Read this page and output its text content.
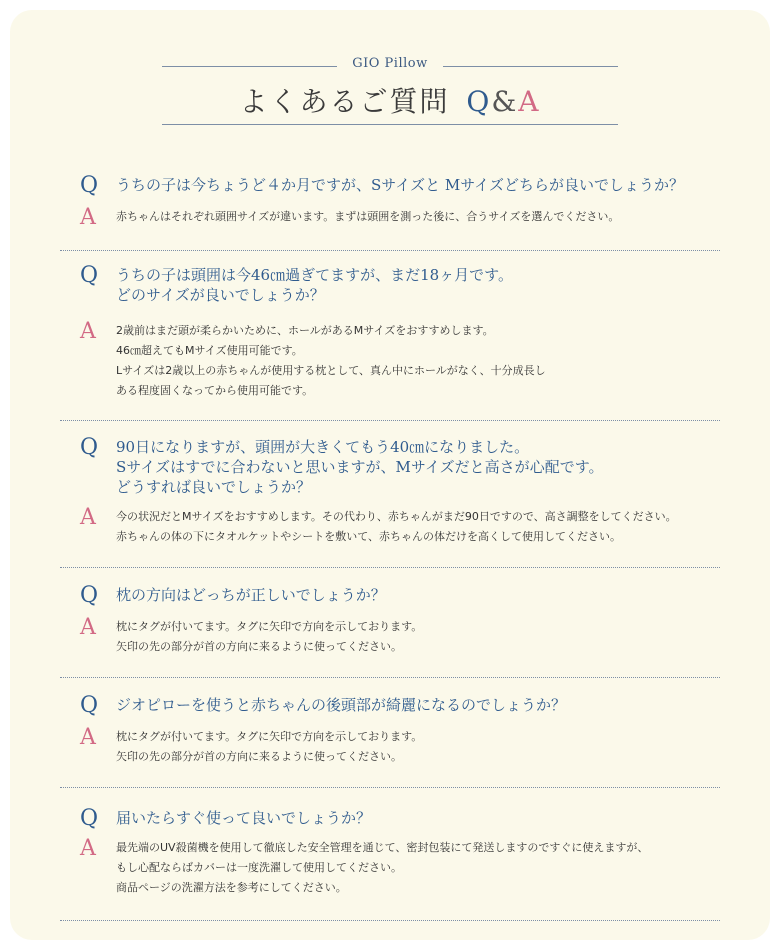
GIO Pillow
よくあるご質問 Q&A
Q うちの子は今ちょうど４か月ですが、Sサイズと Mサイズどちらが良いでしょうか？
A	赤ちゃんはそれぞれ頭囲サイズが違います。まずは頭囲を測った後に、合うサイズを選んでください。
Q うちの子は頭囲は今46㎝過ぎてますが、まだ18ヶ月です。
どのサイズが良いでしょうか？
A	2歳前はまだ頭が柔らかいために、ホールがあるMサイズをおすすめします。
46㎝超えてもMサイズ使用可能です。
Lサイズは2歳以上の赤ちゃんが使用する枕として、真ん中にホールがなく、十分成長し
ある程度固くなってから使用可能です。
Q 90日になりますが、頭囲が大きくてもう40㎝になりました。
Sサイズはすでに合わないと思いますが、Mサイズだと高さが心配です。
どうすれば良いでしょうか？
A	今の状況だとMサイズをおすすめします。その代わり、赤ちゃんがまだ90日ですので、高さ調整をしてください。
赤ちゃんの体の下にタオルケットやシートを敷いて、赤ちゃんの体だけを高くして使用してください。
Q 枕の方向はどっちが正しいでしょうか？
A	枕にタグが付いてます。タグに矢印で方向を示しております。
矢印の先の部分が首の方向に来るように使ってください。
Q ジオピローを使うと赤ちゃんの後頭部が綺麗になるのでしょうか？
A	枕にタグが付いてます。タグに矢印で方向を示しております。
矢印の先の部分が首の方向に来るように使ってください。
Q 届いたらすぐ使って良いでしょうか？
A	最先端のUV殺菌機を使用して徹底した安全管理を通じて、密封包装にて発送しますのですぐに使えますが、
もし心配ならばカバーは一度洗濯して使用してください。
商品ページの洗濯方法を参考にしてください。
